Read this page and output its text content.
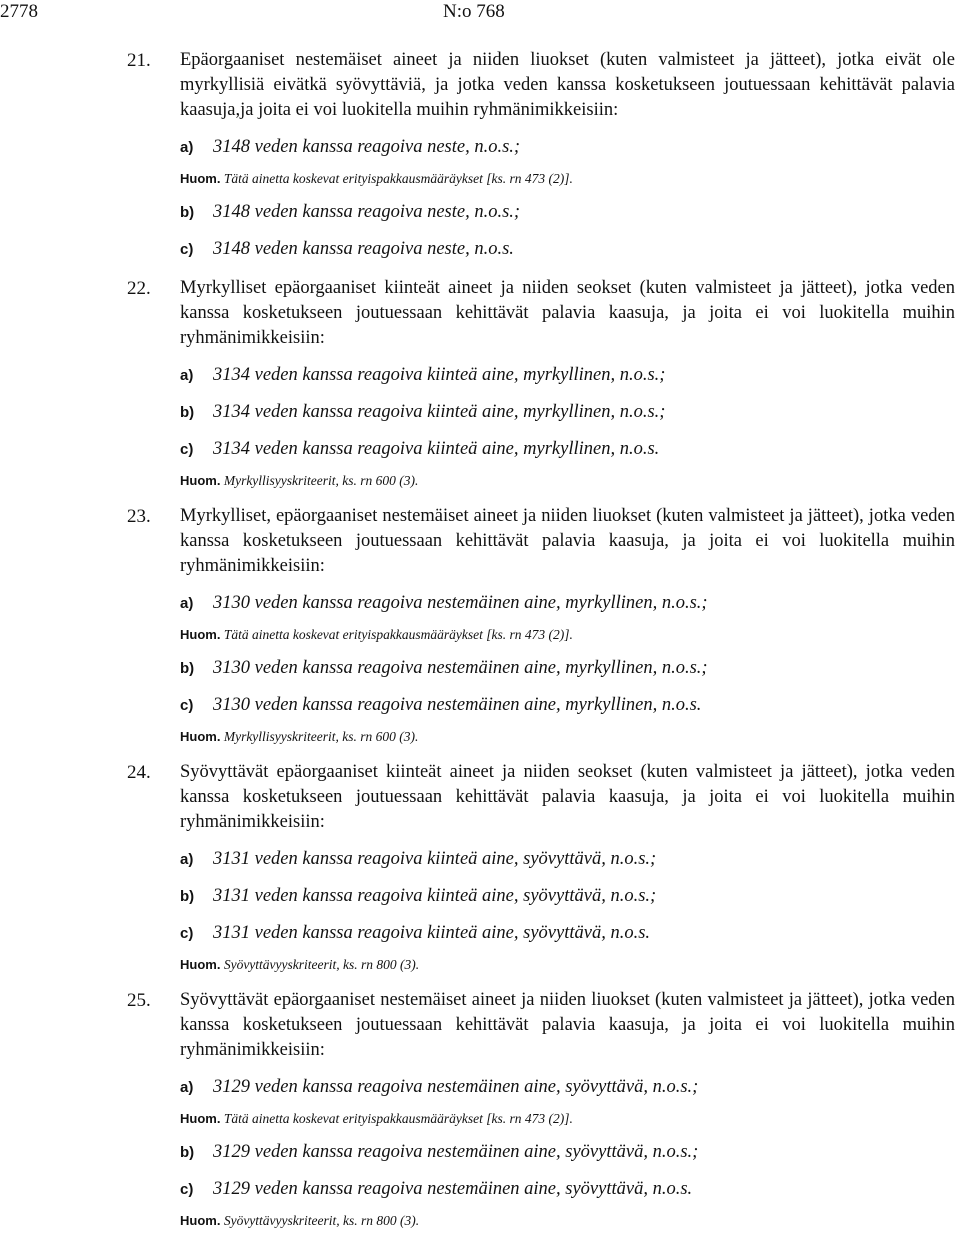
2778	N:o 768
21. Epäorgaaniset nestemäiset aineet ja niiden liuokset (kuten valmisteet ja jätteet), jotka eivät ole myrkyllisiä eivätkä syövyttäviä, ja jotka veden kanssa kosketukseen joutuessaan kehittävät palavia kaasuja,ja joita ei voi luokitella muihin ryhmänimikkeisiin:
a) 3148 veden kanssa reagoiva neste, n.o.s.;
Huom. Tätä ainetta koskevat erityispakkausmääräykset [ks. rn 473 (2)].
b) 3148 veden kanssa reagoiva neste, n.o.s.;
c) 3148 veden kanssa reagoiva neste, n.o.s.
22. Myrkylliset epäorgaaniset kiinteät aineet ja niiden seokset (kuten valmisteet ja jätteet), jotka veden kanssa kosketukseen joutuessaan kehittävät palavia kaasuja, ja joita ei voi luokitella muihin ryhmänimikkeisiin:
a) 3134 veden kanssa reagoiva kiinteä aine, myrkyllinen, n.o.s.;
b) 3134 veden kanssa reagoiva kiinteä aine, myrkyllinen, n.o.s.;
c) 3134 veden kanssa reagoiva kiinteä aine, myrkyllinen, n.o.s.
Huom. Myrkyllisyyskriteerit, ks. rn 600 (3).
23. Myrkylliset, epäorgaaniset nestemäiset aineet ja niiden liuokset (kuten valmisteet ja jätteet), jotka veden kanssa kosketukseen joutuessaan kehittävät palavia kaasuja, ja joita ei voi luokitella muihin ryhmänimikkeisiin:
a) 3130 veden kanssa reagoiva nestemäinen aine, myrkyllinen, n.o.s.;
Huom. Tätä ainetta koskevat erityispakkausmääräykset [ks. rn 473 (2)].
b) 3130 veden kanssa reagoiva nestemäinen aine, myrkyllinen, n.o.s.;
c) 3130 veden kanssa reagoiva nestemäinen aine, myrkyllinen, n.o.s.
Huom. Myrkyllisyyskriteerit, ks. rn 600 (3).
24. Syövyttävät epäorgaaniset kiinteät aineet ja niiden seokset (kuten valmisteet ja jätteet), jotka veden kanssa kosketukseen joutuessaan kehittävät palavia kaasuja, ja joita ei voi luokitella muihin ryhmänimikkeisiin:
a) 3131 veden kanssa reagoiva kiinteä aine, syövyttävä, n.o.s.;
b) 3131 veden kanssa reagoiva kiinteä aine, syövyttävä, n.o.s.;
c) 3131 veden kanssa reagoiva kiinteä aine, syövyttävä, n.o.s.
Huom. Syövyttävyyskriteerit, ks. rn 800 (3).
25. Syövyttävät epäorgaaniset nestemäiset aineet ja niiden liuokset (kuten valmisteet ja jätteet), jotka veden kanssa kosketukseen joutuessaan kehittävät palavia kaasuja, ja joita ei voi luokitella muihin ryhmänimikkeisiin:
a) 3129 veden kanssa reagoiva nestemäinen aine, syövyttävä, n.o.s.;
Huom. Tätä ainetta koskevat erityispakkausmääräykset [ks. rn 473 (2)].
b) 3129 veden kanssa reagoiva nestemäinen aine, syövyttävä, n.o.s.;
c) 3129 veden kanssa reagoiva nestemäinen aine, syövyttävä, n.o.s.
Huom. Syövyttävyyskriteerit, ks. rn 800 (3).
